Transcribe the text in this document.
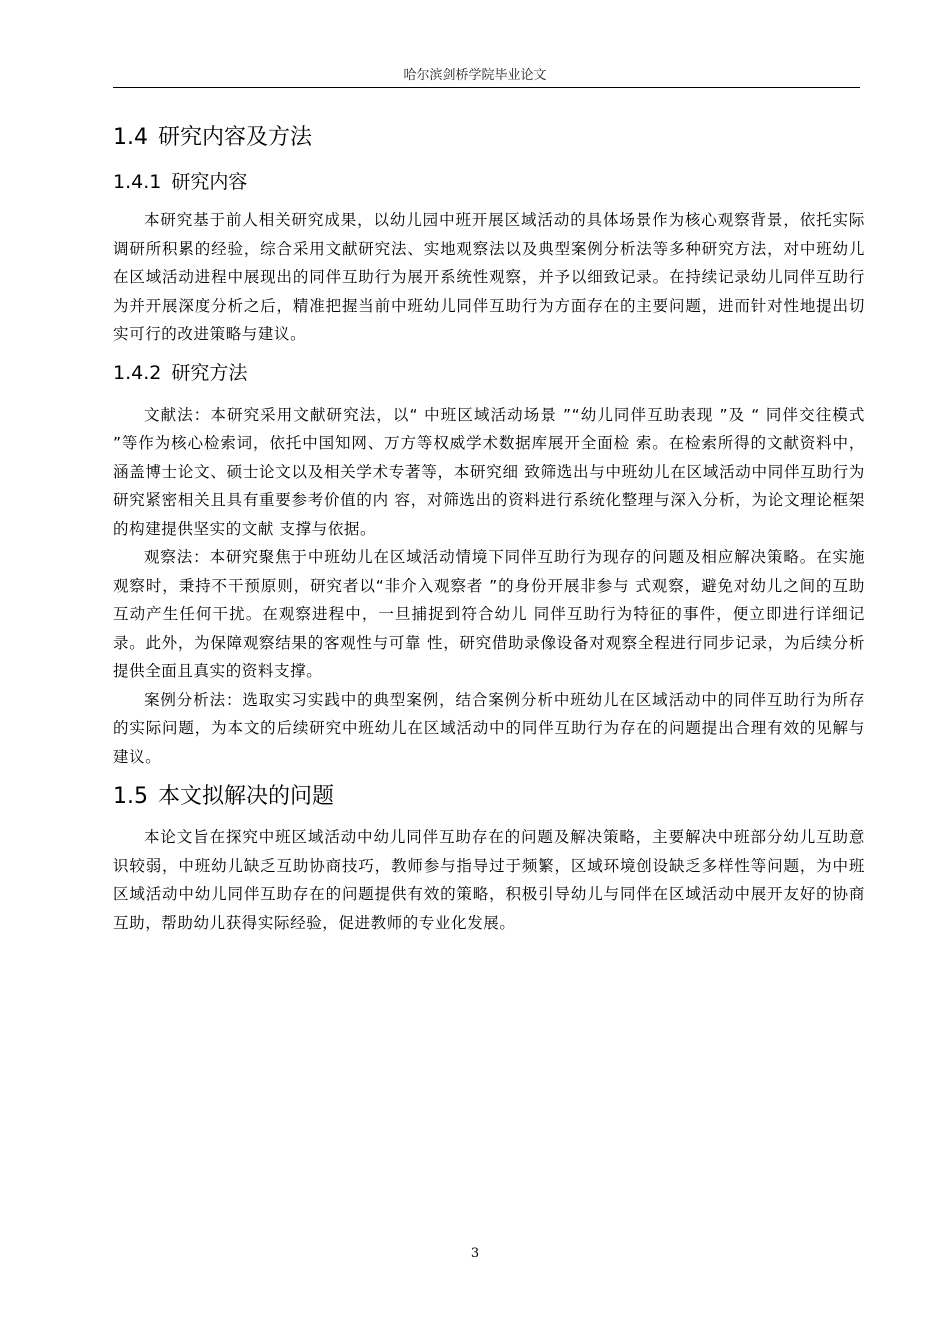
哈尔滨剑桥学院毕业论文
1.4 研究内容及方法
1.4.1 研究内容

本研究基于前人相关研究成果，以幼儿园中班开展区域活动的具体场景作为核心观察背景，依托实际调研所积累的经验，综合采用文献研究法、实地观察法以及典型案例分析法等多种研究方法，对中班幼儿在区域活动进程中展现出的同伴互助行为展开系统性观察，并予以细致记录。在持续记录幼儿同伴互助行为并开展深度分析之后，精准把握当前中班幼儿同伴互助行为方面存在的主要问题，进而针对性地提出切实可行的改进策略与建议。

1.4.2 研究方法

文献法：本研究采用文献研究法，以“ 中班区域活动场景 ”“幼儿同伴互助表现 ”及 “ 同伴交往模式 ”等作为核心检索词，依托中国知网、万方等权威学术数据库展开全面检 索。在检索所得的文献资料中，涵盖博士论文、硕士论文以及相关学术专著等，本研究细 致筛选出与中班幼儿在区域活动中同伴互助行为研究紧密相关且具有重要参考价值的内 容，对筛选出的资料进行系统化整理与深入分析，为论文理论框架的构建提供坚实的文献 支撑与依据。

观察法：本研究聚焦于中班幼儿在区域活动情境下同伴互助行为现存的问题及相应解决策略。在实施观察时，秉持不干预原则，研究者以“非介入观察者 ”的身份开展非参与 式观察，避免对幼儿之间的互助互动产生任何干扰。在观察进程中，一旦捕捉到符合幼儿 同伴互助行为特征的事件，便立即进行详细记录。此外，为保障观察结果的客观性与可靠 性，研究借助录像设备对观察全程进行同步记录，为后续分析提供全面且真实的资料支撑。

案例分析法：选取实习实践中的典型案例，结合案例分析中班幼儿在区域活动中的同伴互助行为所存的实际问题，为本文的后续研究中班幼儿在区域活动中的同伴互助行为存在的问题提出合理有效的见解与建议。

1.5 本文拟解决的问题

本论文旨在探究中班区域活动中幼儿同伴互助存在的问题及解决策略，主要解决中班部分幼儿互助意识较弱，中班幼儿缺乏互助协商技巧，教师参与指导过于频繁，区域环境创设缺乏多样性等问题，为中班区域活动中幼儿同伴互助存在的问题提供有效的策略，积极引导幼儿与同伴在区域活动中展开友好的协商互助，帮助幼儿获得实际经验，促进教师的专业化发展。

3
